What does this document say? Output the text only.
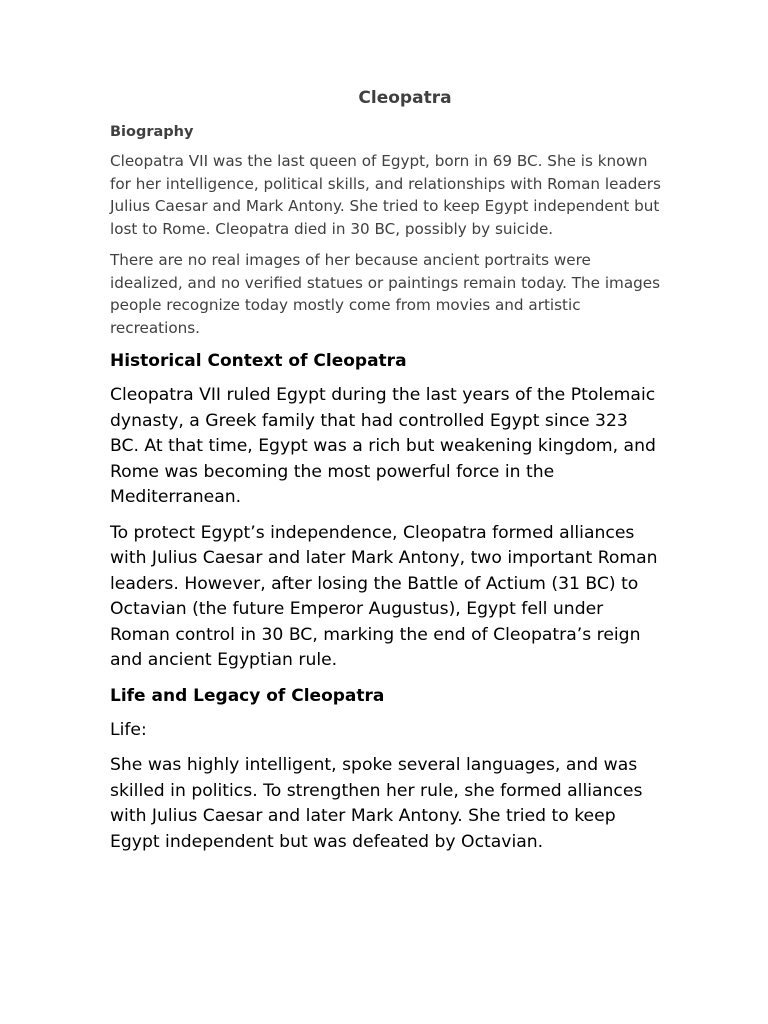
Cleopatra
Biography

Cleopatra VII was the last queen of Egypt, born in 69 BC. She is known for her intelligence, political skills, and relationships with Roman leaders Julius Caesar and Mark Antony. She tried to keep Egypt independent but lost to Rome. Cleopatra died in 30 BC, possibly by suicide.

There are no real images of her because ancient portraits were idealized, and no verified statues or paintings remain today. The images people recognize today mostly come from movies and artistic recreations.

Historical Context of Cleopatra

Cleopatra VII ruled Egypt during the last years of the Ptolemaic dynasty, a Greek family that had controlled Egypt since 323 BC. At that time, Egypt was a rich but weakening kingdom, and Rome was becoming the most powerful force in the Mediterranean.

To protect Egypt’s independence, Cleopatra formed alliances with Julius Caesar and later Mark Antony, two important Roman leaders. However, after losing the Battle of Actium (31 BC) to Octavian (the future Emperor Augustus), Egypt fell under Roman control in 30 BC, marking the end of Cleopatra’s reign and ancient Egyptian rule.

Life and Legacy of Cleopatra

Life:

She was highly intelligent, spoke several languages, and was skilled in politics. To strengthen her rule, she formed alliances with Julius Caesar and later Mark Antony. She tried to keep Egypt independent but was defeated by Octavian.
